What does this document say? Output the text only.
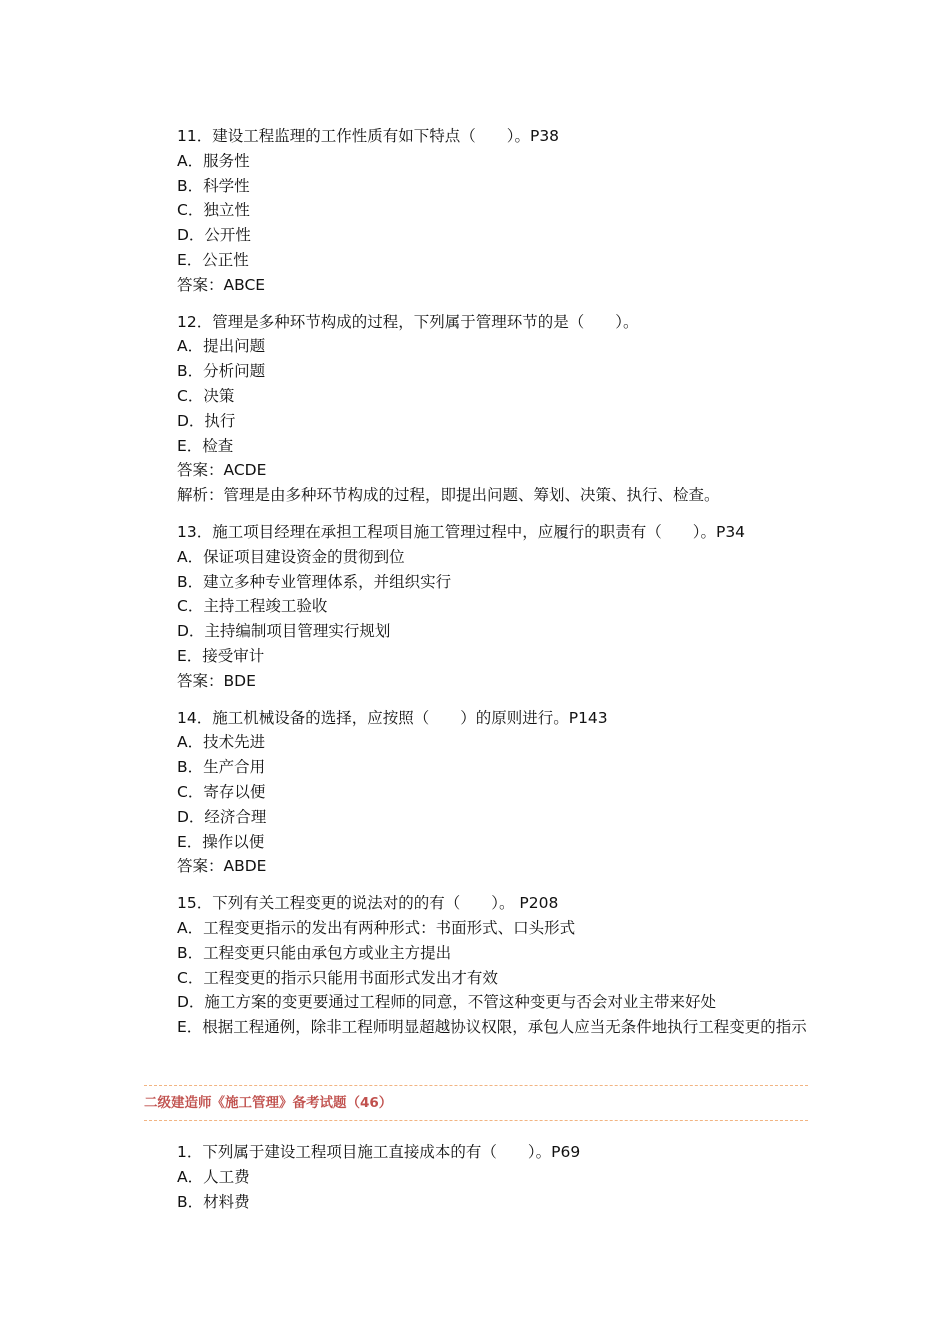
11．建设工程监理的工作性质有如下特点（　　）。P38
A．服务性
B．科学性
C．独立性
D．公开性
E．公正性
答案：ABCE
12．管理是多种环节构成的过程，下列属于管理环节的是（　　）。
A．提出问题
B．分析问题
C．决策
D．执行
E．检查
答案：ACDE
解析：管理是由多种环节构成的过程，即提出问题、筹划、决策、执行、检查。
13．施工项目经理在承担工程项目施工管理过程中，应履行的职责有（　　）。P34
A．保证项目建设资金的贯彻到位
B．建立多种专业管理体系，并组织实行
C．主持工程竣工验收
D．主持编制项目管理实行规划
E．接受审计
答案：BDE
14．施工机械设备的选择，应按照（　　）的原则进行。P143
A．技术先进
B．生产合用
C．寄存以便
D．经济合理
E．操作以便
答案：ABDE
15．下列有关工程变更的说法对的的有（　　）。 P208
A．工程变更指示的发出有两种形式：书面形式、口头形式
B．工程变更只能由承包方或业主方提出
C．工程变更的指示只能用书面形式发出才有效
D．施工方案的变更要通过工程师的同意，不管这种变更与否会对业主带来好处
E．根据工程通例，除非工程师明显超越协议权限，承包人应当无条件地执行工程变更的指示
二级建造师《施工管理》备考试题（46）
1．下列属于建设工程项目施工直接成本的有（　　）。P69
A．人工费
B．材料费
